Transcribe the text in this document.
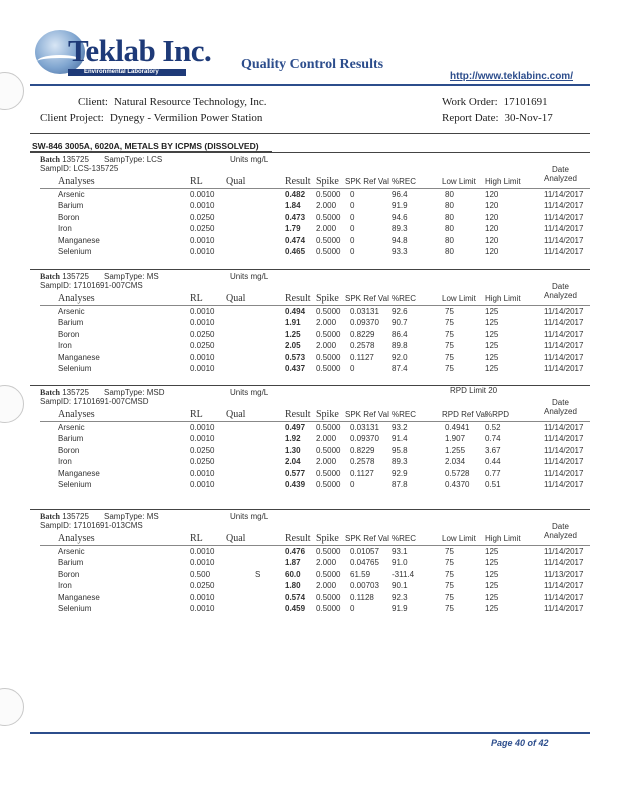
Teklab Inc.
Environmental Laboratory	Quality Control Results
http://www.teklabinc.com/
Client: Natural Resource Technology, Inc.
Client Project: Dynegy - Vermilion Power Station
Work Order: 17101691
Report Date: 30-Nov-17
SW-846 3005A, 6020A, METALS BY ICPMS (DISSOLVED)
Batch 135725 SampType: LCS	Units mg/L
SampID: LCS-135725
Analyses	RL Qual	Result Spike SPK Ref Val %REC	Low Limit High Limit
Date
Analyzed
Arsenic	0.0010	0.482 0.5000 0	96.4	80	120	11/14/2017
Barium	0.0010	1.84 2.000 0	91.9	80	120	11/14/2017
Boron	0.0250	0.473 0.5000 0	94.6	80	120	11/14/2017
Iron	0.0250	1.79 2.000 0	89.3	80	120	11/14/2017
Manganese	0.0010	0.474 0.5000 0	94.8	80	120	11/14/2017
Selenium	0.0010	0.465 0.5000 0	93.3	80	120	11/14/2017
Batch 135725 SampType: MS	Units mg/L
SampID: 17101691-007CMS
Analyses	RL Qual	Result Spike SPK Ref Val %REC	Low Limit High Limit
Date
Analyzed
Arsenic	0.0010	0.494 0.5000 0.03131 92.6	75	125	11/14/2017
Barium	0.0010	1.91 2.000 0.09370 90.7	75	125	11/14/2017
Boron	0.0250	1.25 0.5000 0.8229 86.4	75	125	11/14/2017
Iron	0.0250	2.05 2.000 0.2578 89.8	75	125	11/14/2017
Manganese	0.0010	0.573 0.5000 0.1127 92.0	75	125	11/14/2017
Selenium	0.0010	0.437 0.5000 0	87.4	75	125	11/14/2017
Batch 135725 SampType: MSD	Units mg/L	RPD Limit 20
SampID: 17101691-007CMSD
Analyses	RL Qual	Result Spike SPK Ref Val %REC	RPD Ref Val
%RPD
Date
Analyzed
Arsenic	0.0010	0.497 0.5000 0.03131 93.2	0.4941 0.52	11/14/2017
Barium	0.0010	1.92 2.000 0.09370 91.4	1.907 0.74	11/14/2017
Boron	0.0250	1.30 0.5000 0.8229 95.8	1.255 3.67	11/14/2017
Iron	0.0250	2.04 2.000 0.2578 89.3	2.034 0.44	11/14/2017
Manganese	0.0010	0.577 0.5000 0.1127 92.9	0.5728 0.77	11/14/2017
Selenium	0.0010	0.439 0.5000 0	87.8	0.4370 0.51	11/14/2017
Batch 135725 SampType: MS	Units mg/L
SampID: 17101691-013CMS
Analyses	RL Qual	Result Spike SPK Ref Val %REC	Low Limit High Limit
Date
Analyzed
Arsenic	0.0010	0.476 0.5000 0.01057 93.1	75	125	11/14/2017
Barium	0.0010	1.87 2.000 0.04765 91.0	75	125	11/14/2017
Boron	0.500	S	60.0 0.5000 61.59	-311.4	75	125	11/13/2017
Iron	0.0250	1.80 2.000 0.00703 90.1	75	125	11/14/2017
Manganese	0.0010	0.574 0.5000 0.1128 92.3	75	125	11/14/2017
Selenium	0.0010	0.459 0.5000 0	91.9	75	125	11/14/2017
Page 40 of 42
